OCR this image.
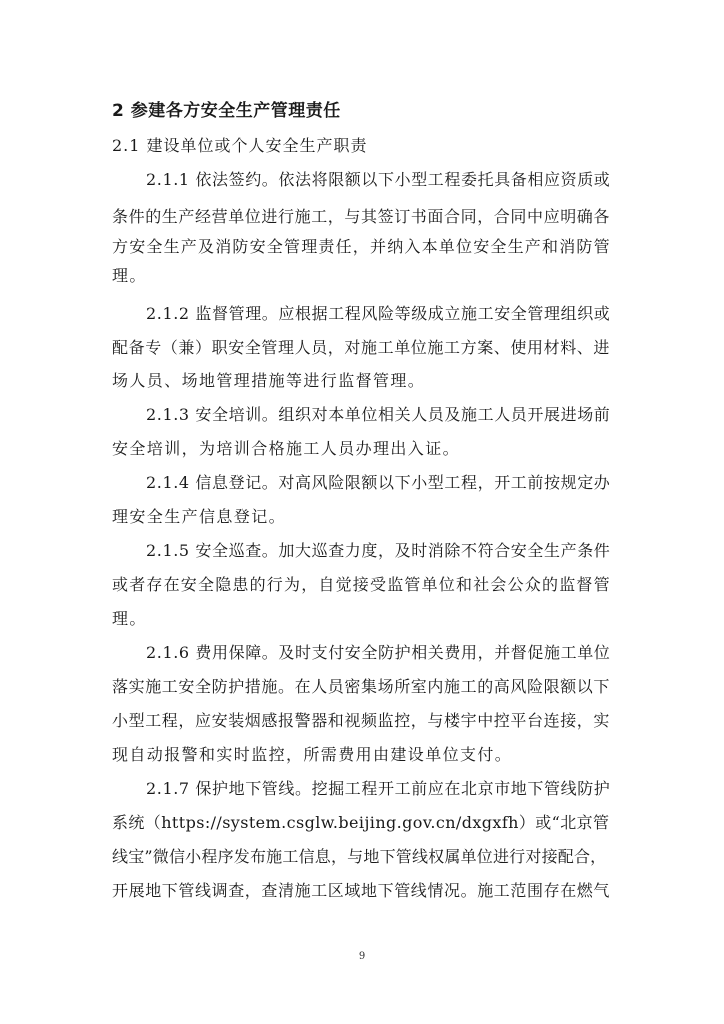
2 参建各方安全生产管理责任
2.1 建设单位或个人安全生产职责
2.1.1 依法签约。依法将限额以下小型工程委托具备相应资质或
条件的生产经营单位进行施工，与其签订书面合同，合同中应明确各
方安全生产及消防安全管理责任，并纳入本单位安全生产和消防管
理。
2.1.2 监督管理。应根据工程风险等级成立施工安全管理组织或
配备专（兼）职安全管理人员，对施工单位施工方案、使用材料、进
场人员、场地管理措施等进行监督管理。
2.1.3 安全培训。组织对本单位相关人员及施工人员开展进场前
安全培训，为培训合格施工人员办理出入证。
2.1.4 信息登记。对高风险限额以下小型工程，开工前按规定办
理安全生产信息登记。
2.1.5 安全巡查。加大巡查力度，及时消除不符合安全生产条件
或者存在安全隐患的行为，自觉接受监管单位和社会公众的监督管
理。
2.1.6 费用保障。及时支付安全防护相关费用，并督促施工单位
落实施工安全防护措施。在人员密集场所室内施工的高风险限额以下
小型工程，应安装烟感报警器和视频监控，与楼宇中控平台连接，实
现自动报警和实时监控，所需费用由建设单位支付。
2.1.7 保护地下管线。挖掘工程开工前应在北京市地下管线防护
系统（https://system.csglw.beijing.gov.cn/dxgxfh）或“北京管
线宝”微信小程序发布施工信息，与地下管线权属单位进行对接配合，
开展地下管线调查，查清施工区域地下管线情况。施工范围存在燃气
9
